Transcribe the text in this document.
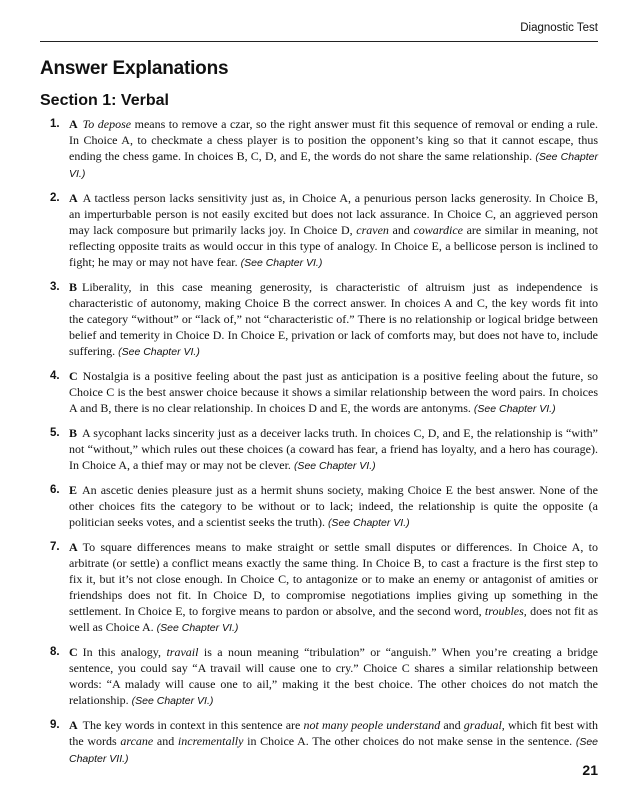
Diagnostic Test
Answer Explanations
Section 1: Verbal
1. A To depose means to remove a czar, so the right answer must fit this sequence of removal or ending a rule. In Choice A, to checkmate a chess player is to position the opponent’s king so that it cannot escape, thus ending the chess game. In choices B, C, D, and E, the words do not share the same relationship. (See Chapter VI.)
2. A A tactless person lacks sensitivity just as, in Choice A, a penurious person lacks generosity. In Choice B, an imperturbable person is not easily excited but does not lack assurance. In Choice C, an aggrieved person may lack composure but primarily lacks joy. In Choice D, craven and cowardice are similar in meaning, not reflecting opposite traits as would occur in this type of analogy. In Choice E, a bellicose person is inclined to fight; he may or may not have fear. (See Chapter VI.)
3. B Liberality, in this case meaning generosity, is characteristic of altruism just as independence is characteristic of autonomy, making Choice B the correct answer. In choices A and C, the key words fit into the category “without” or “lack of,” not “characteristic of.” There is no relationship or logical bridge between belief and temerity in Choice D. In Choice E, privation or lack of comforts may, but does not have to, include suffering. (See Chapter VI.)
4. C Nostalgia is a positive feeling about the past just as anticipation is a positive feeling about the future, so Choice C is the best answer choice because it shows a similar relationship between the word pairs. In choices A and B, there is no clear relationship. In choices D and E, the words are antonyms. (See Chapter VI.)
5. B A sycophant lacks sincerity just as a deceiver lacks truth. In choices C, D, and E, the relationship is “with” not “without,” which rules out these choices (a coward has fear, a friend has loyalty, and a hero has courage). In Choice A, a thief may or may not be clever. (See Chapter VI.)
6. E An ascetic denies pleasure just as a hermit shuns society, making Choice E the best answer. None of the other choices fits the category to be without or to lack; indeed, the relationship is quite the opposite (a politician seeks votes, and a scientist seeks the truth). (See Chapter VI.)
7. A To square differences means to make straight or settle small disputes or differences. In Choice A, to arbitrate (or settle) a conflict means exactly the same thing. In Choice B, to cast a fracture is the first step to fix it, but it’s not close enough. In Choice C, to antagonize or to make an enemy or antagonist of amities or friendships does not fit. In Choice D, to compromise negotiations implies giving up something in the settlement. In Choice E, to forgive means to pardon or absolve, and the second word, troubles, does not fit as well as Choice A. (See Chapter VI.)
8. C In this analogy, travail is a noun meaning “tribulation” or “anguish.” When you’re creating a bridge sentence, you could say “A travail will cause one to cry.” Choice C shares a similar relationship between words: “A malady will cause one to ail,” making it the best choice. The other choices do not match the relationship. (See Chapter VI.)
9. A The key words in context in this sentence are not many people understand and gradual, which fit best with the words arcane and incrementally in Choice A. The other choices do not make sense in the sentence. (See Chapter VII.)
21
